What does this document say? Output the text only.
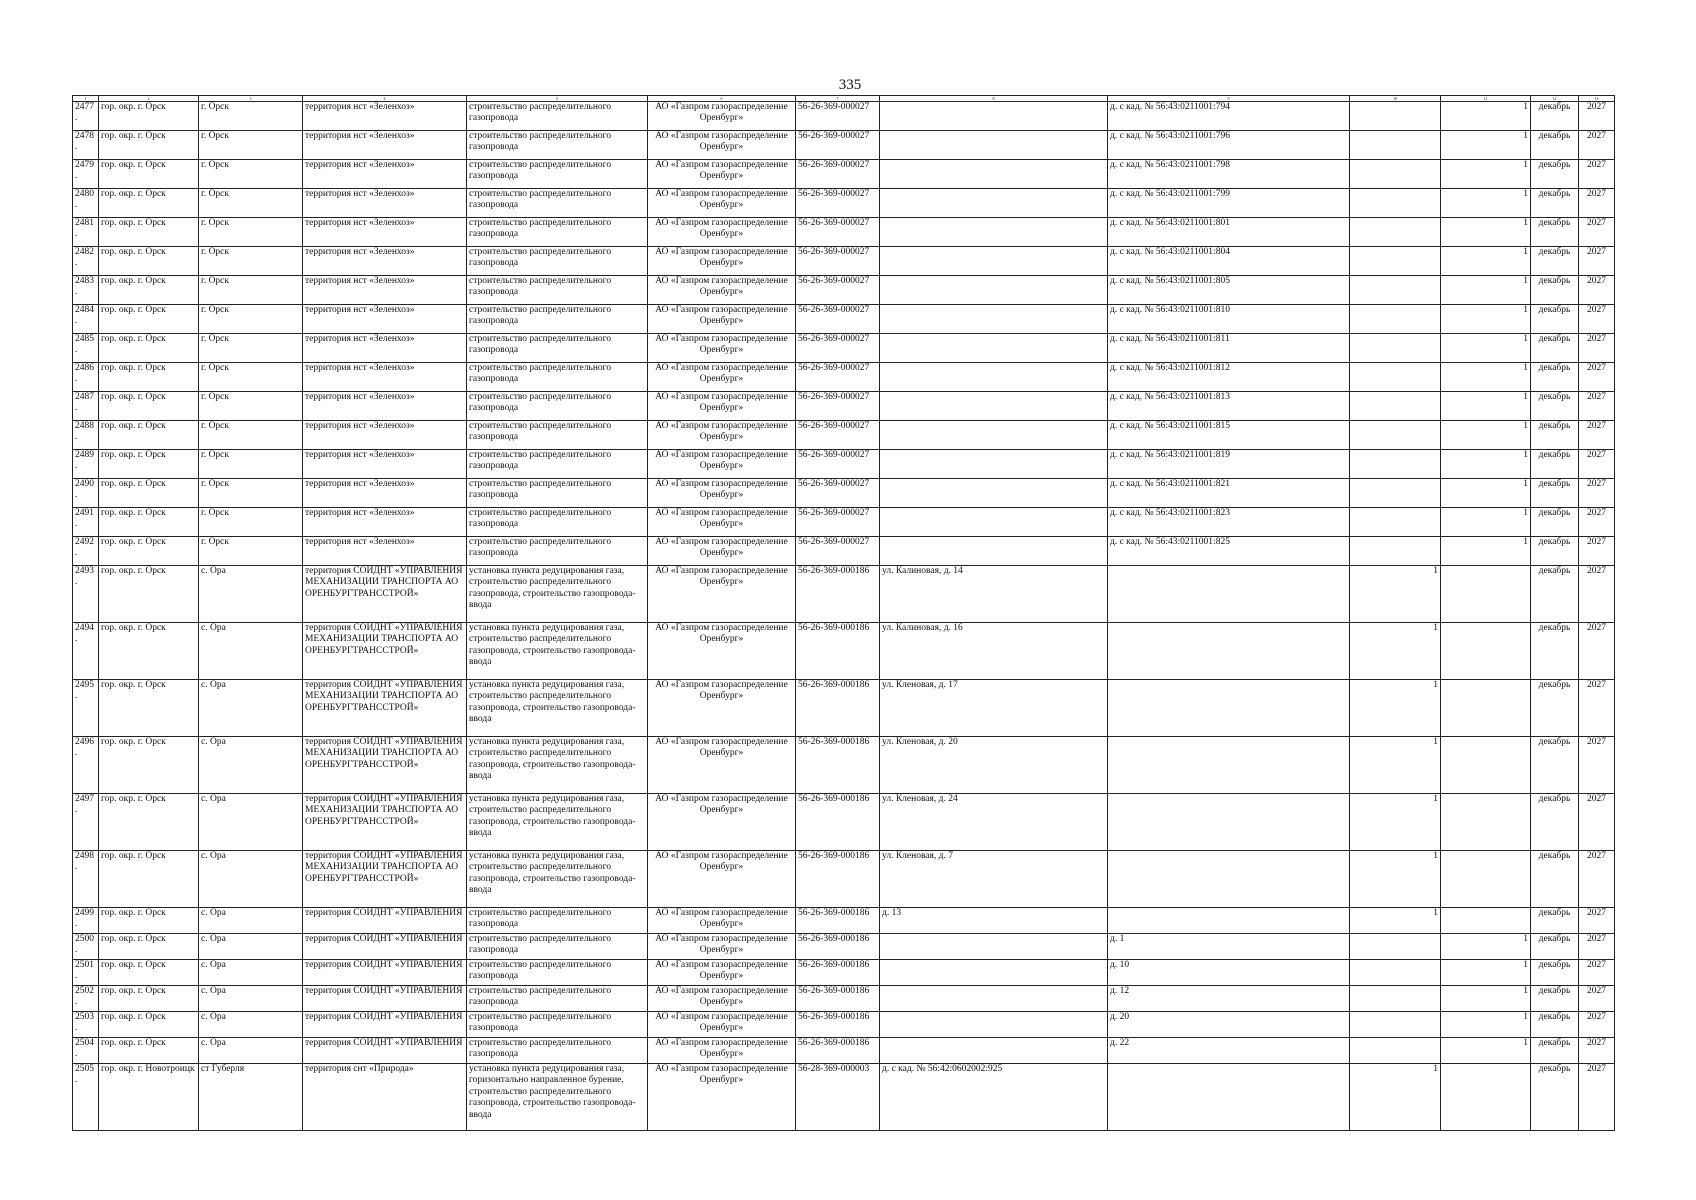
335
1	2	3	4	5	6	7	8	9	10	11	12	13
2477.	гор. окр. г. Орск	г. Орск	территория нст «Зеленхоз»	строительство распределительного газопровода	АО «Газпром газораспределение Оренбург»	56-26-369-000027		д. с кад. № 56:43:0211001:794		1	декабрь	2027
2478.	гор. окр. г. Орск	г. Орск	территория нст «Зеленхоз»	строительство распределительного газопровода	АО «Газпром газораспределение Оренбург»	56-26-369-000027		д. с кад. № 56:43:0211001:796		1	декабрь	2027
2479.	гор. окр. г. Орск	г. Орск	территория нст «Зеленхоз»	строительство распределительного газопровода	АО «Газпром газораспределение Оренбург»	56-26-369-000027		д. с кад. № 56:43:0211001:798		1	декабрь	2027
2480.	гор. окр. г. Орск	г. Орск	территория нст «Зеленхоз»	строительство распределительного газопровода	АО «Газпром газораспределение Оренбург»	56-26-369-000027		д. с кад. № 56:43:0211001:799		1	декабрь	2027
2481.	гор. окр. г. Орск	г. Орск	территория нст «Зеленхоз»	строительство распределительного газопровода	АО «Газпром газораспределение Оренбург»	56-26-369-000027		д. с кад. № 56:43:0211001:801		1	декабрь	2027
2482.	гор. окр. г. Орск	г. Орск	территория нст «Зеленхоз»	строительство распределительного газопровода	АО «Газпром газораспределение Оренбург»	56-26-369-000027		д. с кад. № 56:43:0211001:804		1	декабрь	2027
2483.	гор. окр. г. Орск	г. Орск	территория нст «Зеленхоз»	строительство распределительного газопровода	АО «Газпром газораспределение Оренбург»	56-26-369-000027		д. с кад. № 56:43:0211001:805		1	декабрь	2027
2484.	гор. окр. г. Орск	г. Орск	территория нст «Зеленхоз»	строительство распределительного газопровода	АО «Газпром газораспределение Оренбург»	56-26-369-000027		д. с кад. № 56:43:0211001:810		1	декабрь	2027
2485.	гор. окр. г. Орск	г. Орск	территория нст «Зеленхоз»	строительство распределительного газопровода	АО «Газпром газораспределение Оренбург»	56-26-369-000027		д. с кад. № 56:43:0211001:811		1	декабрь	2027
2486.	гор. окр. г. Орск	г. Орск	территория нст «Зеленхоз»	строительство распределительного газопровода	АО «Газпром газораспределение Оренбург»	56-26-369-000027		д. с кад. № 56:43:0211001:812		1	декабрь	2027
2487.	гор. окр. г. Орск	г. Орск	территория нст «Зеленхоз»	строительство распределительного газопровода	АО «Газпром газораспределение Оренбург»	56-26-369-000027		д. с кад. № 56:43:0211001:813		1	декабрь	2027
2488.	гор. окр. г. Орск	г. Орск	территория нст «Зеленхоз»	строительство распределительного газопровода	АО «Газпром газораспределение Оренбург»	56-26-369-000027		д. с кад. № 56:43:0211001:815		1	декабрь	2027
2489.	гор. окр. г. Орск	г. Орск	территория нст «Зеленхоз»	строительство распределительного газопровода	АО «Газпром газораспределение Оренбург»	56-26-369-000027		д. с кад. № 56:43:0211001:819		1	декабрь	2027
2490.	гор. окр. г. Орск	г. Орск	территория нст «Зеленхоз»	строительство распределительного газопровода	АО «Газпром газораспределение Оренбург»	56-26-369-000027		д. с кад. № 56:43:0211001:821		1	декабрь	2027
2491.	гор. окр. г. Орск	г. Орск	территория нст «Зеленхоз»	строительство распределительного газопровода	АО «Газпром газораспределение Оренбург»	56-26-369-000027		д. с кад. № 56:43:0211001:823		1	декабрь	2027
2492.	гор. окр. г. Орск	г. Орск	территория нст «Зеленхоз»	строительство распределительного газопровода	АО «Газпром газораспределение Оренбург»	56-26-369-000027		д. с кад. № 56:43:0211001:825		1	декабрь	2027
2493.	гор. окр. г. Орск	с. Ора	территория СОИДНТ «УПРАВЛЕНИЯ МЕХАНИЗАЦИИ ТРАНСПОРТА АО ОРЕНБУРГТРАНССТРОЙ»	установка пункта редуцирования газа, строительство распределительного газопровода, строительство газопровода-ввода	АО «Газпром газораспределение Оренбург»	56-26-369-000186	ул. Калиновая, д. 14		1		декабрь	2027
2494.	гор. окр. г. Орск	с. Ора	территория СОИДНТ «УПРАВЛЕНИЯ МЕХАНИЗАЦИИ ТРАНСПОРТА АО ОРЕНБУРГТРАНССТРОЙ»	установка пункта редуцирования газа, строительство распределительного газопровода, строительство газопровода-ввода	АО «Газпром газораспределение Оренбург»	56-26-369-000186	ул. Калиновая, д. 16		1		декабрь	2027
2495.	гор. окр. г. Орск	с. Ора	территория СОИДНТ «УПРАВЛЕНИЯ МЕХАНИЗАЦИИ ТРАНСПОРТА АО ОРЕНБУРГТРАНССТРОЙ»	установка пункта редуцирования газа, строительство распределительного газопровода, строительство газопровода-ввода	АО «Газпром газораспределение Оренбург»	56-26-369-000186	ул. Кленовая, д. 17		1		декабрь	2027
2496.	гор. окр. г. Орск	с. Ора	территория СОИДНТ «УПРАВЛЕНИЯ МЕХАНИЗАЦИИ ТРАНСПОРТА АО ОРЕНБУРГТРАНССТРОЙ»	установка пункта редуцирования газа, строительство распределительного газопровода, строительство газопровода-ввода	АО «Газпром газораспределение Оренбург»	56-26-369-000186	ул. Кленовая, д. 20		1		декабрь	2027
2497.	гор. окр. г. Орск	с. Ора	территория СОИДНТ «УПРАВЛЕНИЯ МЕХАНИЗАЦИИ ТРАНСПОРТА АО ОРЕНБУРГТРАНССТРОЙ»	установка пункта редуцирования газа, строительство распределительного газопровода, строительство газопровода-ввода	АО «Газпром газораспределение Оренбург»	56-26-369-000186	ул. Кленовая, д. 24		1		декабрь	2027
2498.	гор. окр. г. Орск	с. Ора	территория СОИДНТ «УПРАВЛЕНИЯ МЕХАНИЗАЦИИ ТРАНСПОРТА АО ОРЕНБУРГТРАНССТРОЙ»	установка пункта редуцирования газа, строительство распределительного газопровода, строительство газопровода-ввода	АО «Газпром газораспределение Оренбург»	56-26-369-000186	ул. Кленовая, д. 7		1		декабрь	2027
2499.	гор. окр. г. Орск	с. Ора	территория СОИДНТ «УПРАВЛЕНИЯ	строительство распределительного газопровода	АО «Газпром газораспределение Оренбург»	56-26-369-000186	д. 13		1		декабрь	2027
2500.	гор. окр. г. Орск	с. Ора	территория СОИДНТ «УПРАВЛЕНИЯ	строительство распределительного газопровода	АО «Газпром газораспределение Оренбург»	56-26-369-000186		д. 1		1	декабрь	2027
2501.	гор. окр. г. Орск	с. Ора	территория СОИДНТ «УПРАВЛЕНИЯ	строительство распределительного газопровода	АО «Газпром газораспределение Оренбург»	56-26-369-000186		д. 10		1	декабрь	2027
2502.	гор. окр. г. Орск	с. Ора	территория СОИДНТ «УПРАВЛЕНИЯ	строительство распределительного газопровода	АО «Газпром газораспределение Оренбург»	56-26-369-000186		д. 12		1	декабрь	2027
2503.	гор. окр. г. Орск	с. Ора	территория СОИДНТ «УПРАВЛЕНИЯ	строительство распределительного газопровода	АО «Газпром газораспределение Оренбург»	56-26-369-000186		д. 20		1	декабрь	2027
2504.	гор. окр. г. Орск	с. Ора	территория СОИДНТ «УПРАВЛЕНИЯ	строительство распределительного газопровода	АО «Газпром газораспределение Оренбург»	56-26-369-000186		д. 22		1	декабрь	2027
2505.	гор. окр. г. Новотроицк	ст Губерля	территория снт «Природа»	установка пункта редуцирования газа, горизонтально направленное бурение, строительство распределительного газопровода, строительство газопровода-ввода	АО «Газпром газораспределение Оренбург»	56-28-369-000003	д. с кад. № 56:42:0602002:925		1		декабрь	2027
